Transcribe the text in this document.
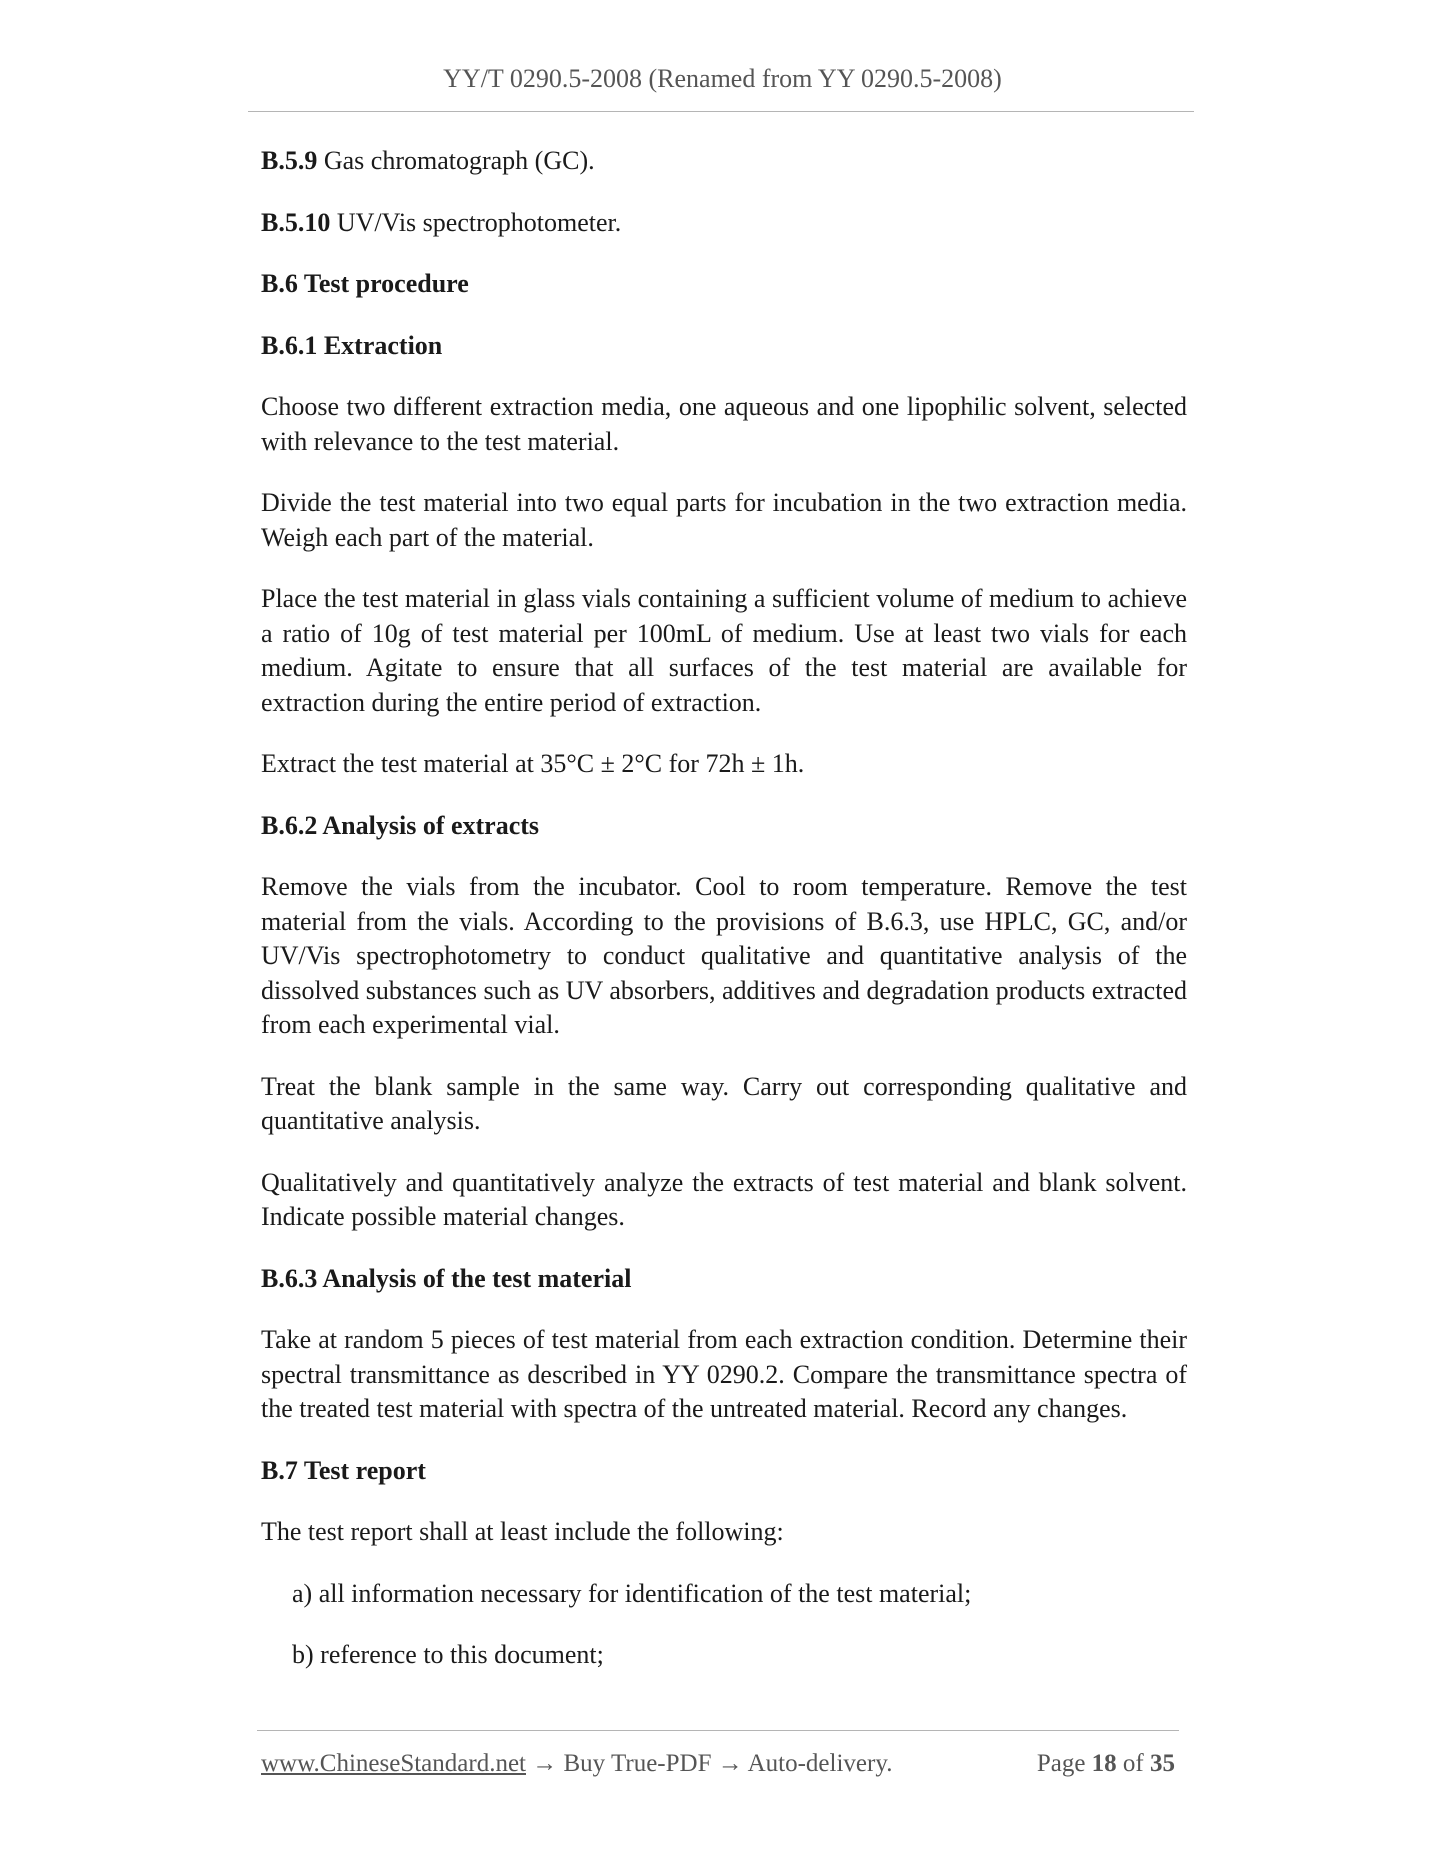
YY/T 0290.5-2008 (Renamed from YY 0290.5-2008)

B.5.9 Gas chromatograph (GC).

B.5.10 UV/Vis spectrophotometer.

B.6 Test procedure

B.6.1 Extraction

Choose two different extraction media, one aqueous and one lipophilic solvent, selected with relevance to the test material.

Divide the test material into two equal parts for incubation in the two extraction media. Weigh each part of the material.

Place the test material in glass vials containing a sufficient volume of medium to achieve a ratio of 10g of test material per 100mL of medium. Use at least two vials for each medium. Agitate to ensure that all surfaces of the test material are available for extraction during the entire period of extraction.

Extract the test material at 35°C ± 2°C for 72h ± 1h.

B.6.2 Analysis of extracts

Remove the vials from the incubator. Cool to room temperature. Remove the test material from the vials. According to the provisions of B.6.3, use HPLC, GC, and/or UV/Vis spectrophotometry to conduct qualitative and quantitative analysis of the dissolved substances such as UV absorbers, additives and degradation products extracted from each experimental vial.

Treat the blank sample in the same way. Carry out corresponding qualitative and quantitative analysis.

Qualitatively and quantitatively analyze the extracts of test material and blank solvent. Indicate possible material changes.

B.6.3 Analysis of the test material

Take at random 5 pieces of test material from each extraction condition. Determine their spectral transmittance as described in YY 0290.2. Compare the transmittance spectra of the treated test material with spectra of the untreated material. Record any changes.

B.7 Test report

The test report shall at least include the following:

a) all information necessary for identification of the test material;

b) reference to this document;

www.ChineseStandard.net → Buy True-PDF → Auto-delivery.	Page 18 of 35
